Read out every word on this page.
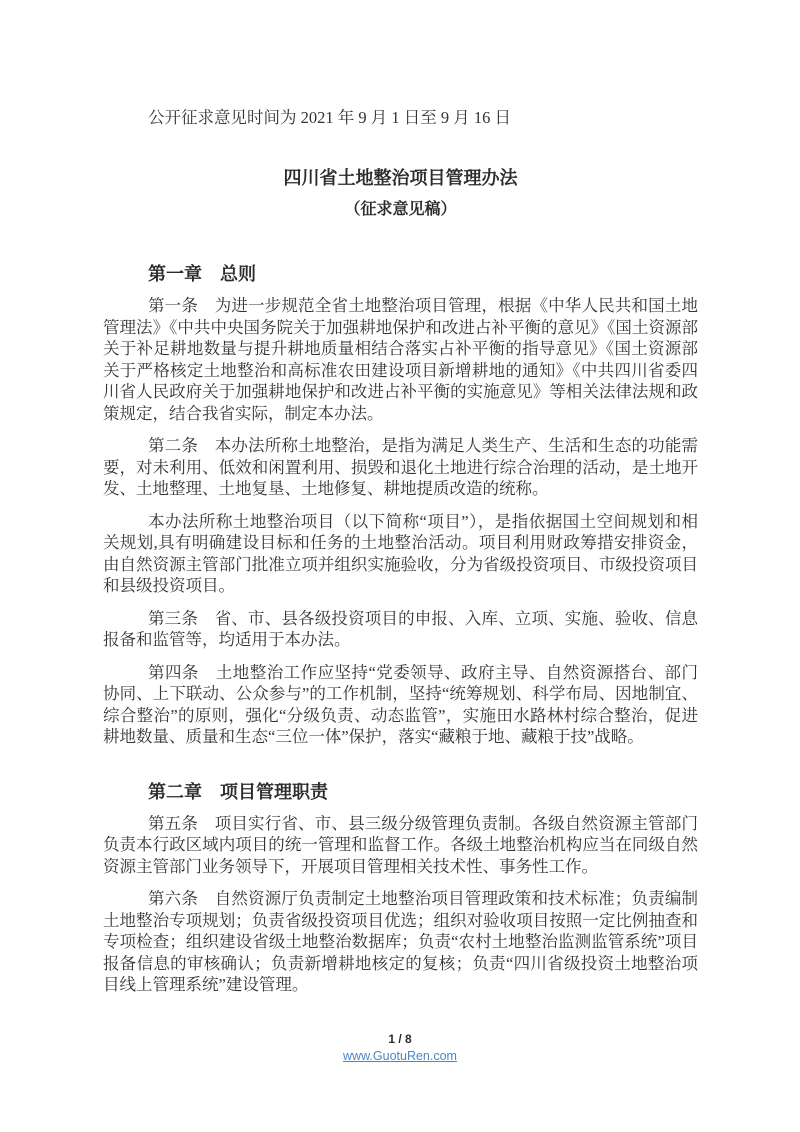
公开征求意见时间为 2021 年 9 月 1 日至 9 月 16 日

四川省土地整治项目管理办法
（征求意见稿）
第一章　总则

第一条　为进一步规范全省土地整治项目管理，根据《中华人民共和国土地管理法》《中共中央国务院关于加强耕地保护和改进占补平衡的意见》《国土资源部关于补足耕地数量与提升耕地质量相结合落实占补平衡的指导意见》《国土资源部关于严格核定土地整治和高标准农田建设项目新增耕地的通知》《中共四川省委四川省人民政府关于加强耕地保护和改进占补平衡的实施意见》等相关法律法规和政策规定，结合我省实际，制定本办法。

第二条　本办法所称土地整治，是指为满足人类生产、生活和生态的功能需要，对未利用、低效和闲置利用、损毁和退化土地进行综合治理的活动，是土地开发、土地整理、土地复垦、土地修复、耕地提质改造的统称。

本办法所称土地整治项目（以下简称“项目”），是指依据国土空间规划和相关规划,具有明确建设目标和任务的土地整治活动。项目利用财政筹措安排资金，由自然资源主管部门批准立项并组织实施验收，分为省级投资项目、市级投资项目和县级投资项目。

第三条　省、市、县各级投资项目的申报、入库、立项、实施、验收、信息报备和监管等，均适用于本办法。

第四条　土地整治工作应坚持“党委领导、政府主导、自然资源搭台、部门协同、上下联动、公众参与”的工作机制，坚持“统筹规划、科学布局、因地制宜、综合整治”的原则，强化“分级负责、动态监管”，实施田水路林村综合整治，促进耕地数量、质量和生态“三位一体”保护，落实“藏粮于地、藏粮于技”战略。

第二章　项目管理职责

第五条　项目实行省、市、县三级分级管理负责制。各级自然资源主管部门负责本行政区域内项目的统一管理和监督工作。各级土地整治机构应当在同级自然资源主管部门业务领导下，开展项目管理相关技术性、事务性工作。

第六条　自然资源厅负责制定土地整治项目管理政策和技术标准；负责编制土地整治专项规划；负责省级投资项目优选；组织对验收项目按照一定比例抽查和专项检查；组织建设省级土地整治数据库；负责“农村土地整治监测监管系统”项目报备信息的审核确认；负责新增耕地核定的复核；负责“四川省级投资土地整治项目线上管理系统”建设管理。

1 / 8

www.GuotuRen.com
